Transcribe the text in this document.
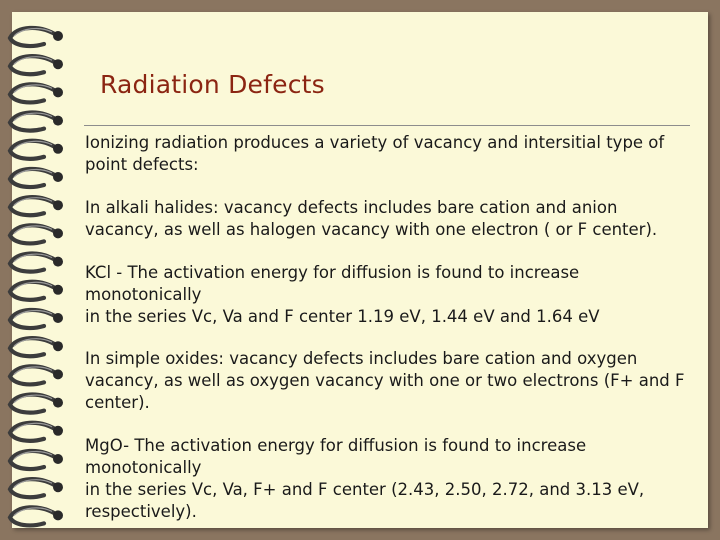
Radiation Defects
Ionizing radiation produces a variety of vacancy and intersitial type of
point defects:
In alkali halides: vacancy defects includes bare cation and anion
vacancy, as well as halogen vacancy with one electron ( or F center).
KCl - The activation energy for diffusion is found to increase
monotonically
in the series Vc, Va and F center 1.19 eV, 1.44 eV and 1.64 eV
In simple oxides: vacancy defects includes bare cation and oxygen
vacancy, as well as oxygen vacancy with one or two electrons (F+ and F
center).
MgO- The activation energy for diffusion is found to increase
monotonically
in the series Vc, Va, F+ and F center (2.43, 2.50, 2.72, and 3.13 eV,
respectively).
